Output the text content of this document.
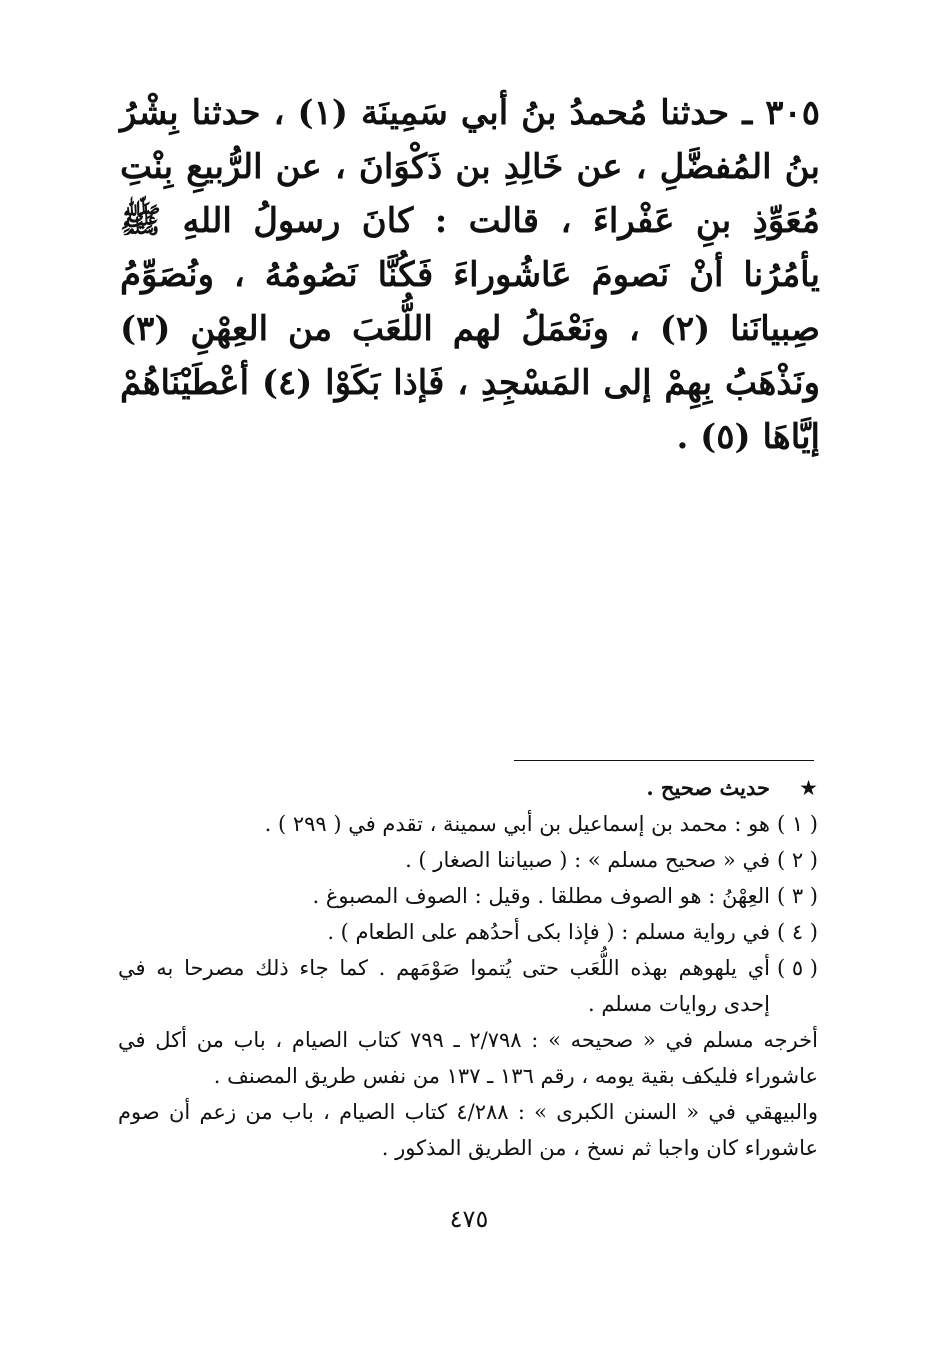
٣٠٥ ـ حدثنا مُحمدُ بنُ أبي سَمِينَة (١) ، حدثنا بِشْرُ بنُ المُفضَّلِ ، عن خَالِدِ بن ذَكْوَانَ ، عن الرُّبيعِ بِنْتِ مُعَوِّذِ بنِ عَفْراءَ ، قالت : كانَ رسولُ اللهِ ﷺ يأمُرُنا أنْ نَصومَ عَاشُوراءَ فَكُنَّا نَصُومُهُ ، ونُصَوِّمُ صِبيانَنا (٢) ، ونَعْمَلُ لهم اللُّعَبَ من العِهْنِ (٣) ونَذْهَبُ بِهِمْ إلى المَسْجِدِ ، فَإذا بَكَوْا (٤) أعْطَيْنَاهُمْ إيَّاهَا (٥) .

★
حديث صحيح .
( ١ )
هو : محمد بن إسماعيل بن أبي سمينة ، تقدم في ( ٢٩٩ ) .
( ٢ )
في « صحيح مسلم » : ( صبياننا الصغار ) .
( ٣ )
العِهْنُ : هو الصوف مطلقا . وقيل : الصوف المصبوغ .
( ٤ )
في رواية مسلم : ( فإذا بكى أحدُهم على الطعام ) .
( ٥ )
أي يلهوهم بهذه اللُّعَب حتى يُتموا صَوْمَهم . كما جاء ذلك مصرحا به في إحدى روايات مسلم .
أخرجه مسلم في « صحيحه » : ٢/٧٩٨ ـ ٧٩٩ كتاب الصيام ، باب من أكل في عاشوراء فليكف بقية يومه ، رقم ١٣٦ ـ ١٣٧ من نفس طريق المصنف .
والبيهقي في « السنن الكبرى » : ٤/٢٨٨ كتاب الصيام ، باب من زعم أن صوم عاشوراء كان واجبا ثم نسخ ، من الطريق المذكور .
٤٧٥
